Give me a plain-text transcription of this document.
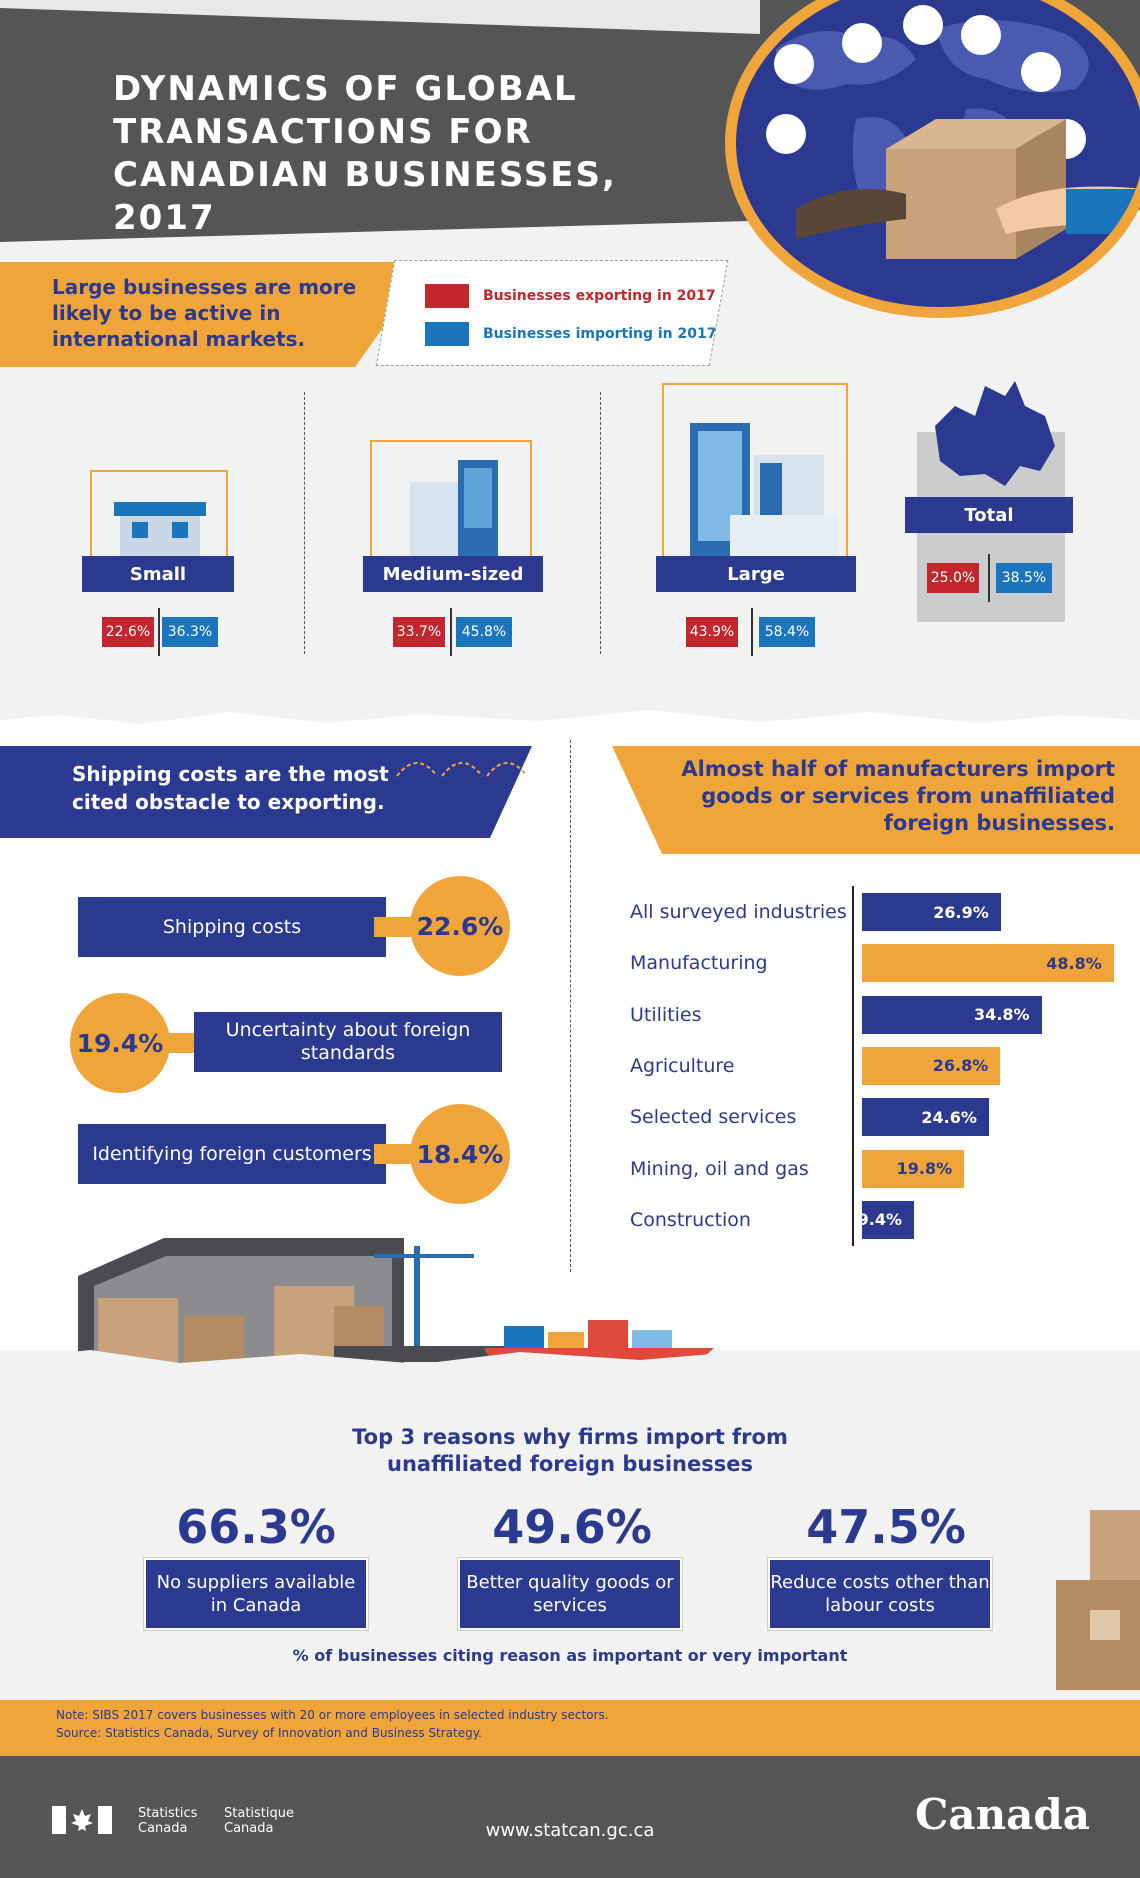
DYNAMICS OF GLOBAL
TRANSACTIONS FOR
CANADIAN BUSINESSES, 2017
Large businesses are more likely to be active in international markets.
Businesses exporting in 2017
Businesses importing in 2017
Small
22.6%	36.3%
Medium-sized
33.7%	45.8%
Large
43.9%	58.4%
Total
25.0%	38.5%
Shipping costs are the most cited obstacle to exporting.
Shipping costs	22.6%
19.4%	Uncertainty about foreign standards
Identifying foreign customers	18.4%
Almost half of manufacturers import goods or services from unaffiliated foreign businesses.
All surveyed industries	26.9%
Manufacturing	48.8%
Utilities	34.8%
Agriculture	26.8%
Selected services	24.6%
Mining, oil and gas	19.8%
Construction	9.4%
Top 3 reasons why firms import from
unaffiliated foreign businesses
66.3%
No suppliers available in Canada
49.6%
Better quality goods or services
47.5%
Reduce costs other than labour costs
% of businesses citing reason as important or very important
Note: SIBS 2017 covers businesses with 20 or more employees in selected industry sectors.
Source: Statistics Canada, Survey of Innovation and Business Strategy.
Statistics
Canada
Statistique
Canada	www.statcan.gc.ca	Canada
